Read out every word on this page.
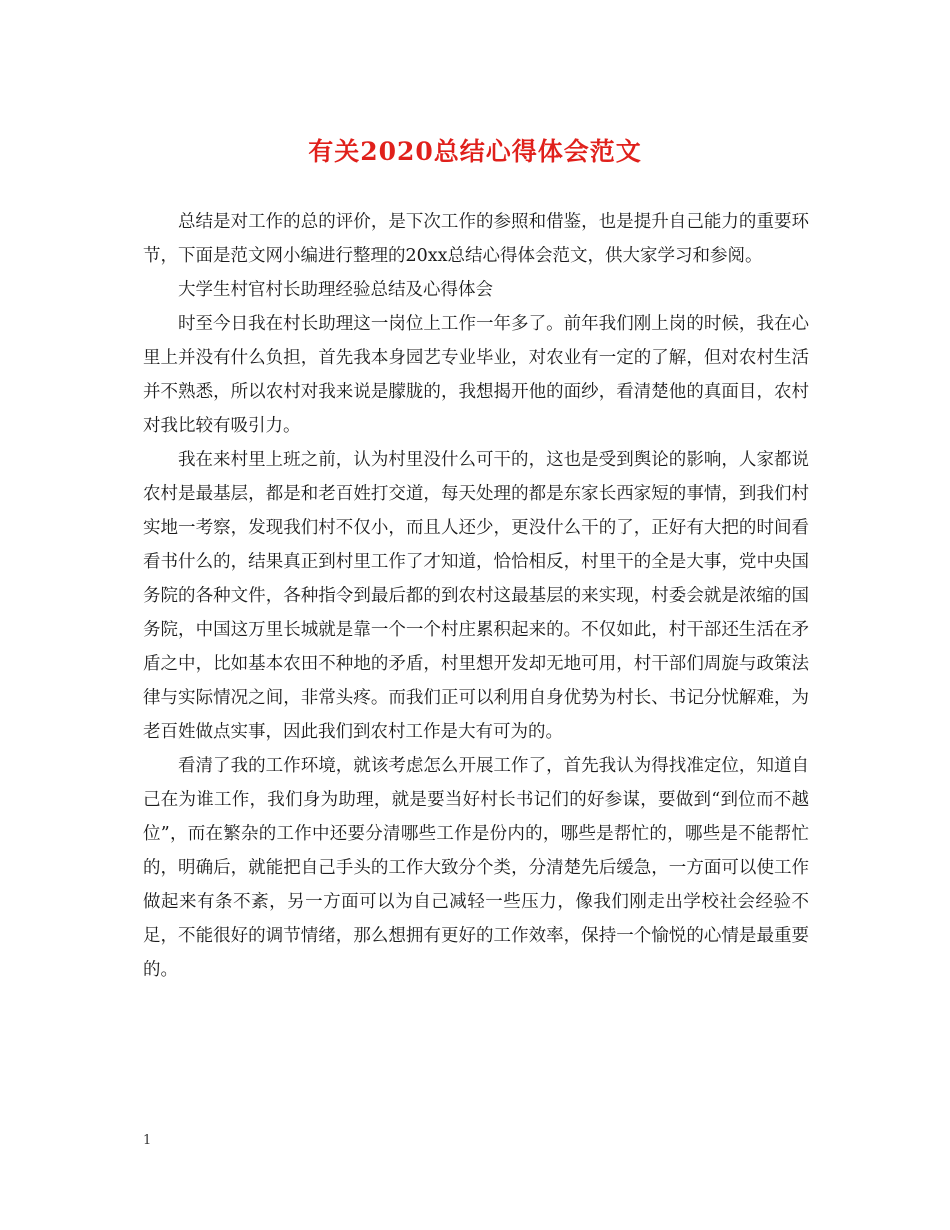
有关2020总结心得体会范文

总结是对工作的总的评价，是下次工作的参照和借鉴，也是提升自己能力的重要环节，下面是范文网小编进行整理的20xx总结心得体会范文，供大家学习和参阅。

大学生村官村长助理经验总结及心得体会

时至今日我在村长助理这一岗位上工作一年多了。前年我们刚上岗的时候，我在心里上并没有什么负担，首先我本身园艺专业毕业，对农业有一定的了解，但对农村生活并不熟悉，所以农村对我来说是朦胧的，我想揭开他的面纱，看清楚他的真面目，农村对我比较有吸引力。

我在来村里上班之前，认为村里没什么可干的，这也是受到舆论的影响，人家都说农村是最基层，都是和老百姓打交道，每天处理的都是东家长西家短的事情，到我们村实地一考察，发现我们村不仅小，而且人还少，更没什么干的了，正好有大把的时间看看书什么的，结果真正到村里工作了才知道，恰恰相反，村里干的全是大事，党中央国务院的各种文件，各种指令到最后都的到农村这最基层的来实现，村委会就是浓缩的国务院，中国这万里长城就是靠一个一个村庄累积起来的。不仅如此，村干部还生活在矛盾之中，比如基本农田不种地的矛盾，村里想开发却无地可用，村干部们周旋与政策法律与实际情况之间，非常头疼。而我们正可以利用自身优势为村长、书记分忧解难，为老百姓做点实事，因此我们到农村工作是大有可为的。

看清了我的工作环境，就该考虑怎么开展工作了，首先我认为得找准定位，知道自己在为谁工作，我们身为助理，就是要当好村长书记们的好参谋，要做到“到位而不越位”，而在繁杂的工作中还要分清哪些工作是份内的，哪些是帮忙的，哪些是不能帮忙的，明确后，就能把自己手头的工作大致分个类，分清楚先后缓急，一方面可以使工作做起来有条不紊，另一方面可以为自己减轻一些压力，像我们刚走出学校社会经验不足，不能很好的调节情绪，那么想拥有更好的工作效率，保持一个愉悦的心情是最重要的。

1
